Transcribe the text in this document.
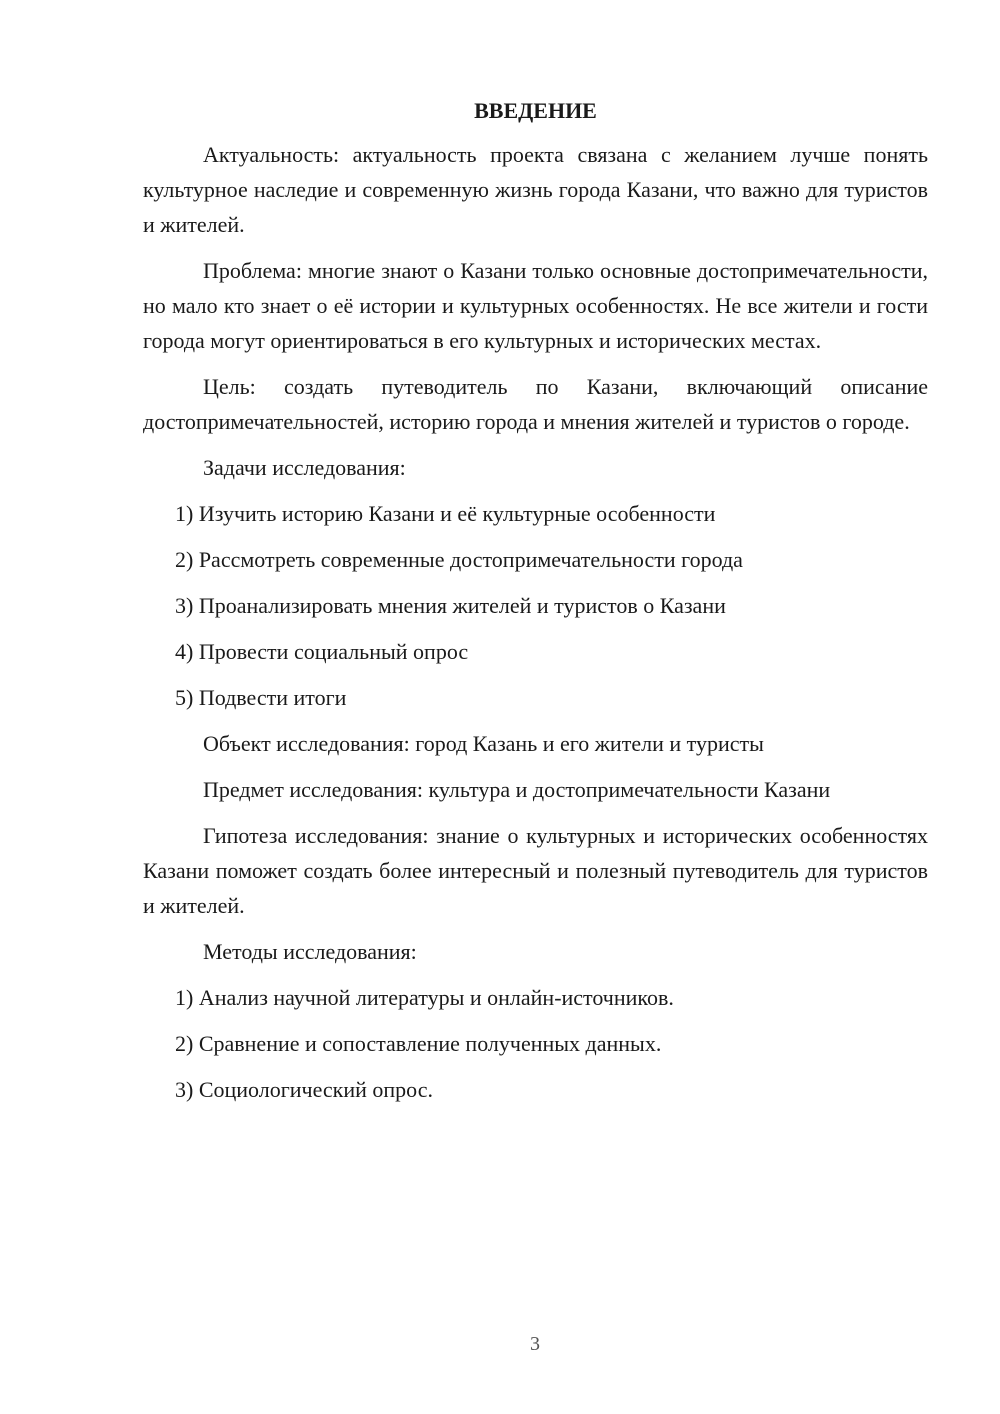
ВВЕДЕНИЕ

Актуальность: актуальность проекта связана с желанием лучше понять культурное наследие и современную жизнь города Казани, что важно для туристов и жителей.

Проблема: многие знают о Казани только основные достопримечательности, но мало кто знает о её истории и культурных особенностях. Не все жители и гости города могут ориентироваться в его культурных и исторических местах.

Цель: создать путеводитель по Казани, включающий описание достопримечательностей, историю города и мнения жителей и туристов о городе.

Задачи исследования:

1) Изучить историю Казани и её культурные особенности
2) Рассмотреть современные достопримечательности города
3) Проанализировать мнения жителей и туристов о Казани
4) Провести социальный опрос
5) Подвести итоги

Объект исследования: город Казань и его жители и туристы

Предмет исследования: культура и достопримечательности Казани

Гипотеза исследования: знание о культурных и исторических особенностях Казани поможет создать более интересный и полезный путеводитель для туристов и жителей.

Методы исследования:

1) Анализ научной литературы и онлайн-источников.
2) Сравнение и сопоставление полученных данных.
3) Социологический опрос.
3
